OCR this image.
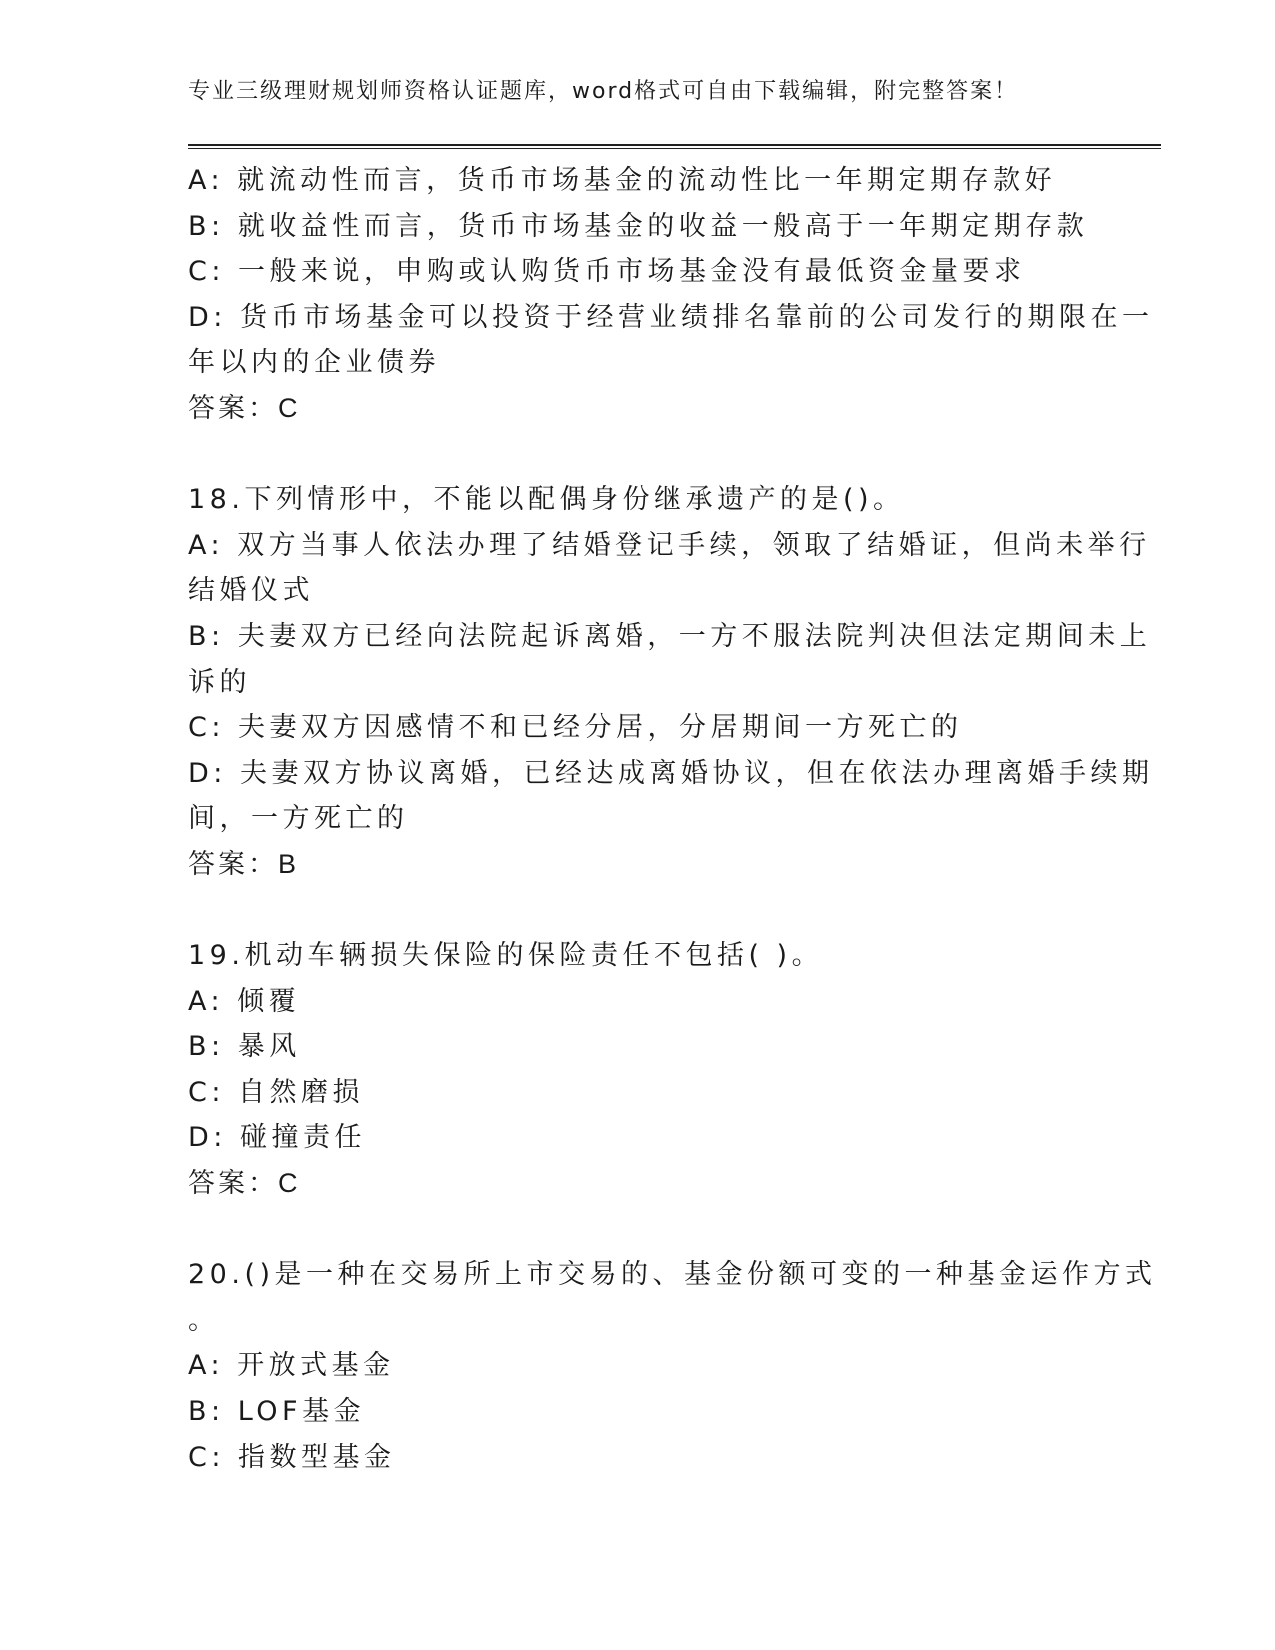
专业三级理财规划师资格认证题库，word格式可自由下载编辑，附完整答案！
A: 就流动性而言，货币市场基金的流动性比一年期定期存款好
B: 就收益性而言，货币市场基金的收益一般高于一年期定期存款
C: 一般来说，申购或认购货币市场基金没有最低资金量要求
D: 货币市场基金可以投资于经营业绩排名靠前的公司发行的期限在一
年以内的企业债券
答案：C
18.下列情形中，不能以配偶身份继承遗产的是()。
A: 双方当事人依法办理了结婚登记手续，领取了结婚证，但尚未举行
结婚仪式
B: 夫妻双方已经向法院起诉离婚，一方不服法院判决但法定期间未上
诉的
C: 夫妻双方因感情不和已经分居，分居期间一方死亡的
D: 夫妻双方协议离婚，已经达成离婚协议，但在依法办理离婚手续期
间，一方死亡的
答案：B
19.机动车辆损失保险的保险责任不包括( )。
A: 倾覆
B: 暴风
C: 自然磨损
D: 碰撞责任
答案：C
20.()是一种在交易所上市交易的、基金份额可变的一种基金运作方式
。
A: 开放式基金
B: LOF基金
C: 指数型基金
